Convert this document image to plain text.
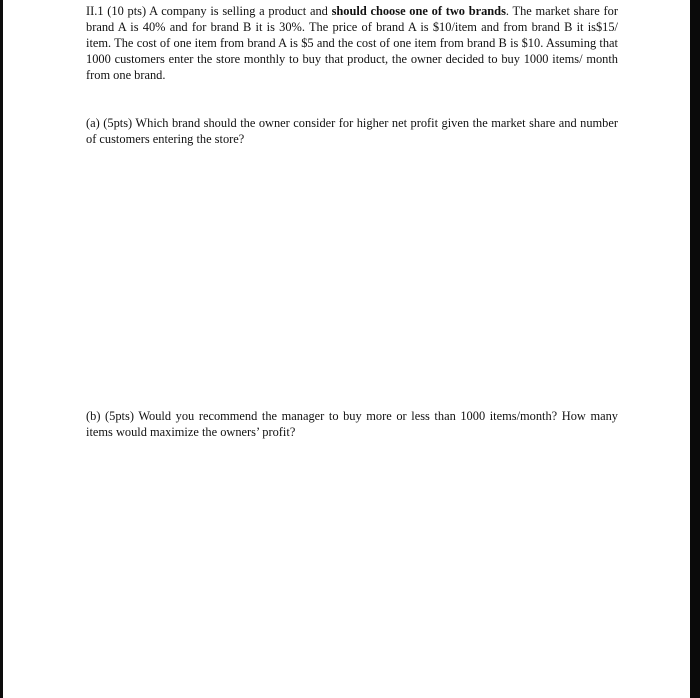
II.1 (10 pts) A company is selling a product and should choose one of two brands. The market share for brand A is 40% and for brand B it is 30%. The price of brand A is $10/item and from brand B it is$15/ item. The cost of one item from brand A is $5 and the cost of one item from brand B is $10. Assuming that 1000 customers enter the store monthly to buy that product, the owner decided to buy 1000 items/ month from one brand.

(a) (5pts) Which brand should the owner consider for higher net profit given the market share and number of customers entering the store?

(b) (5pts) Would you recommend the manager to buy more or less than 1000 items/month? How many items would maximize the owners’ profit?
